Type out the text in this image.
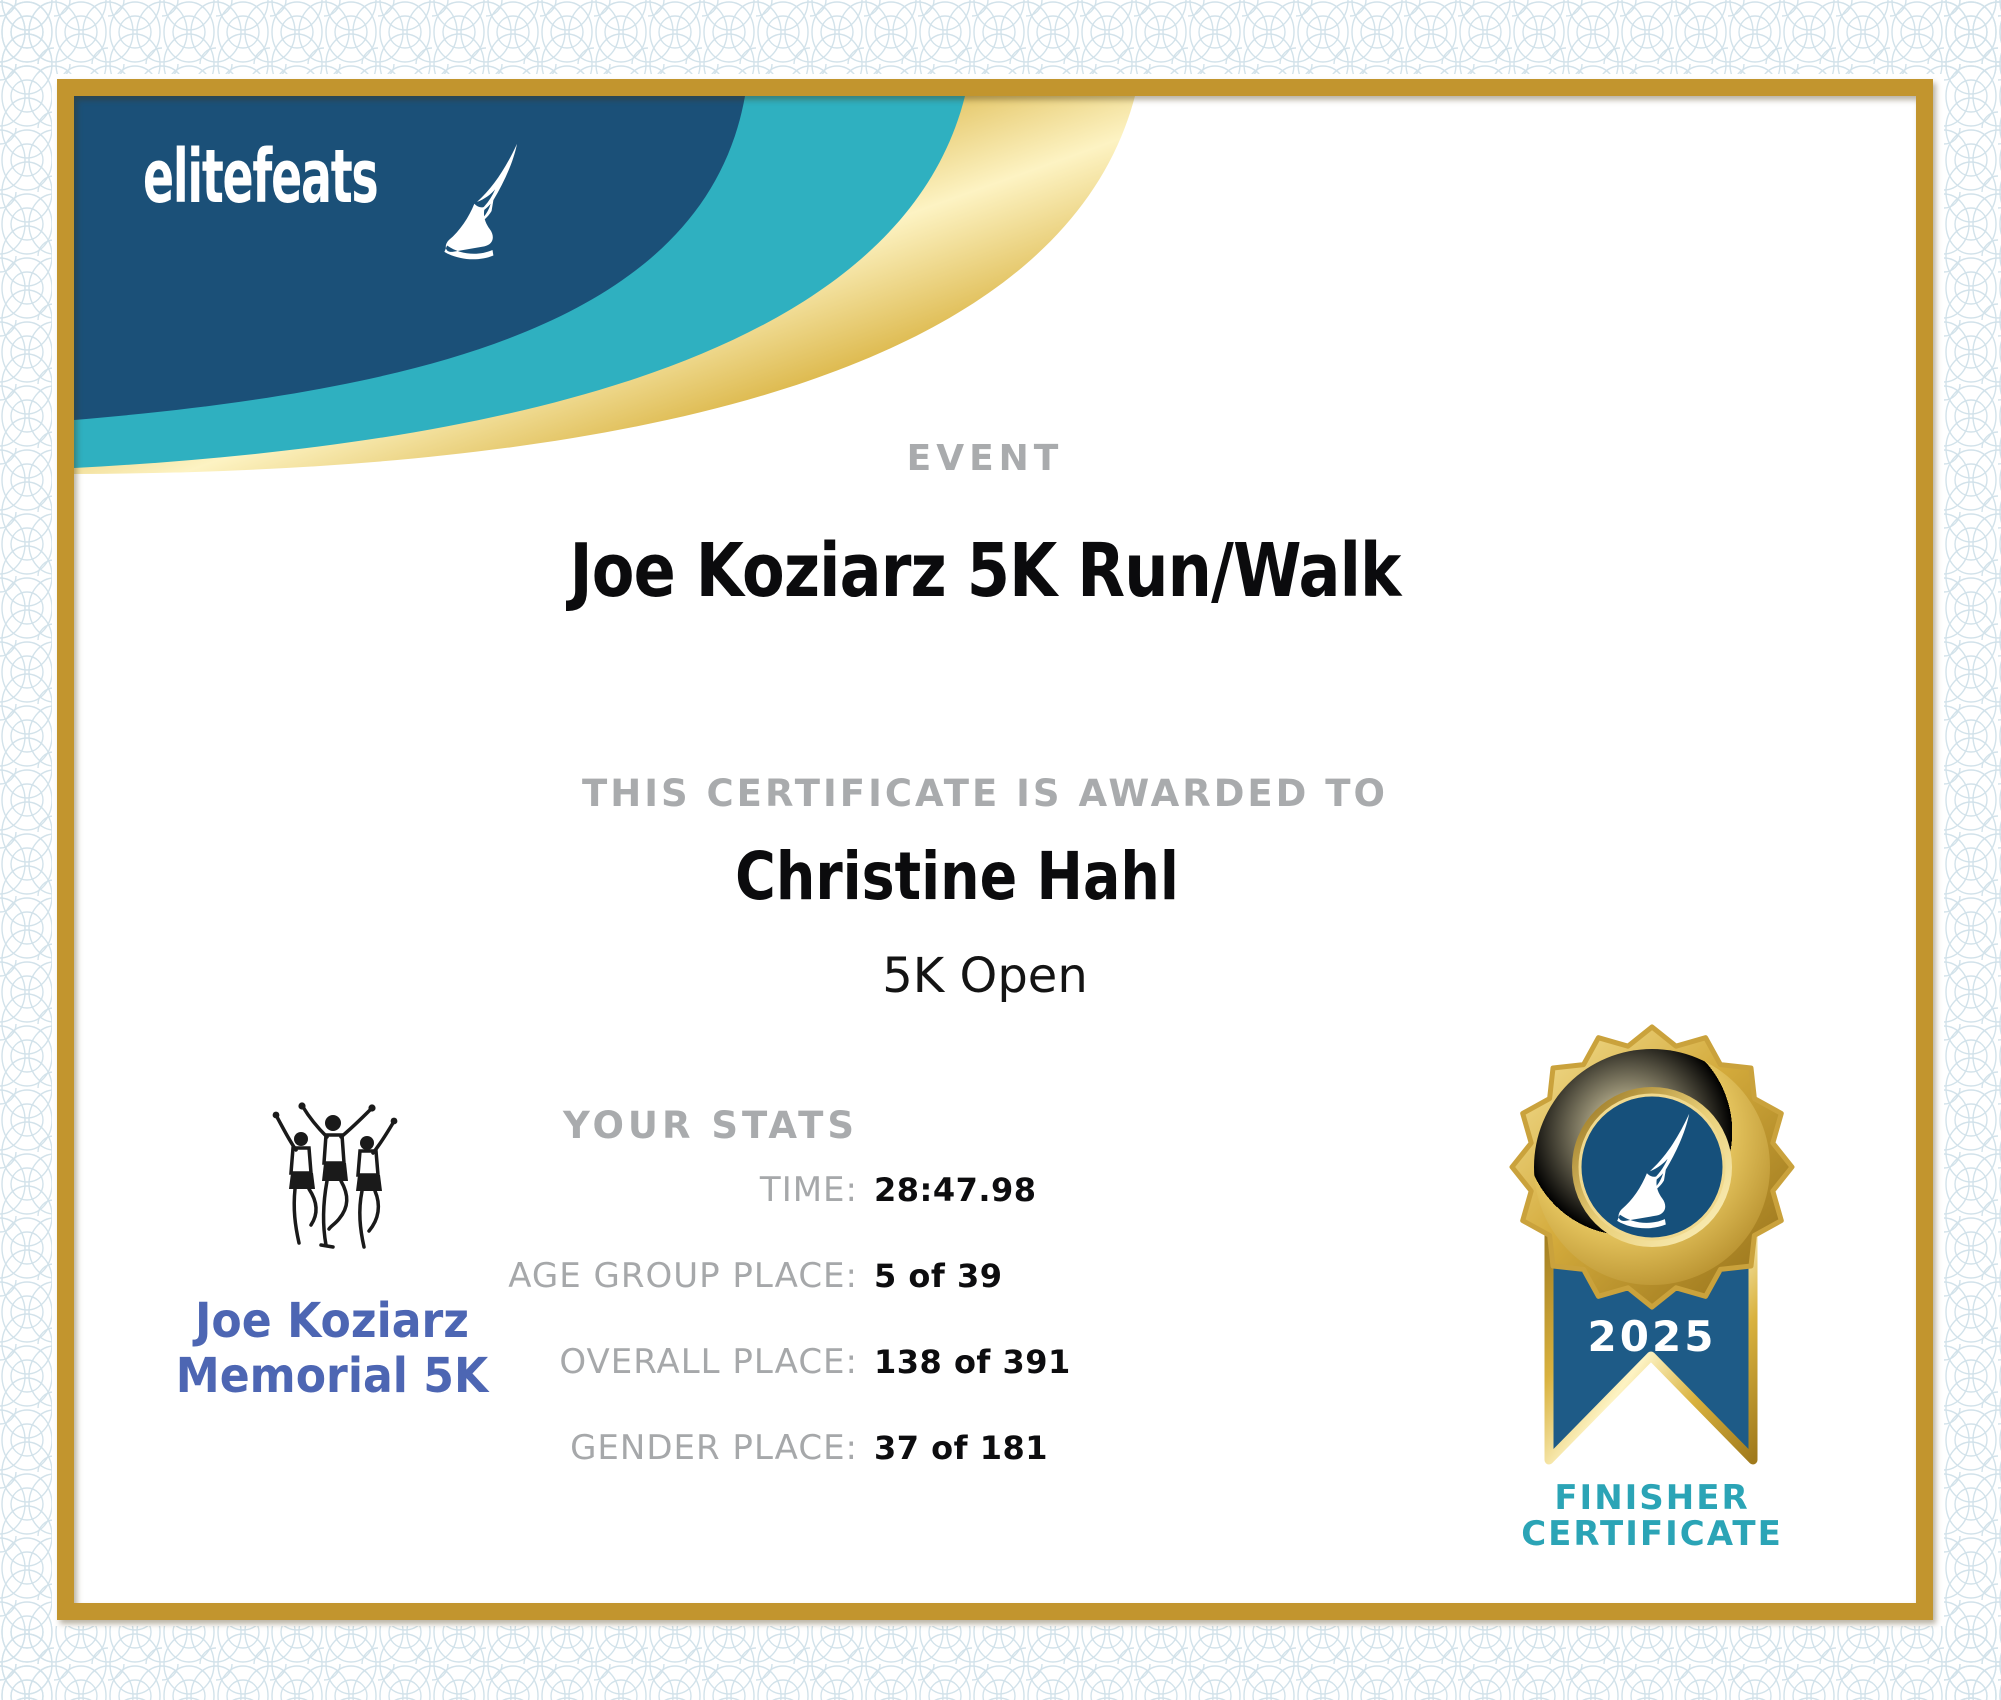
elitefeats
EVENT
Joe Koziarz 5K Run/Walk
THIS CERTIFICATE IS AWARDED TO
Christine Hahl
5K Open
YOUR STATS
TIME: 28:47.98
AGE GROUP PLACE: 5 of 39
OVERALL PLACE: 138 of 391
GENDER PLACE: 37 of 181
Joe Koziarz
Memorial 5K
2025
FINISHER
CERTIFICATE
